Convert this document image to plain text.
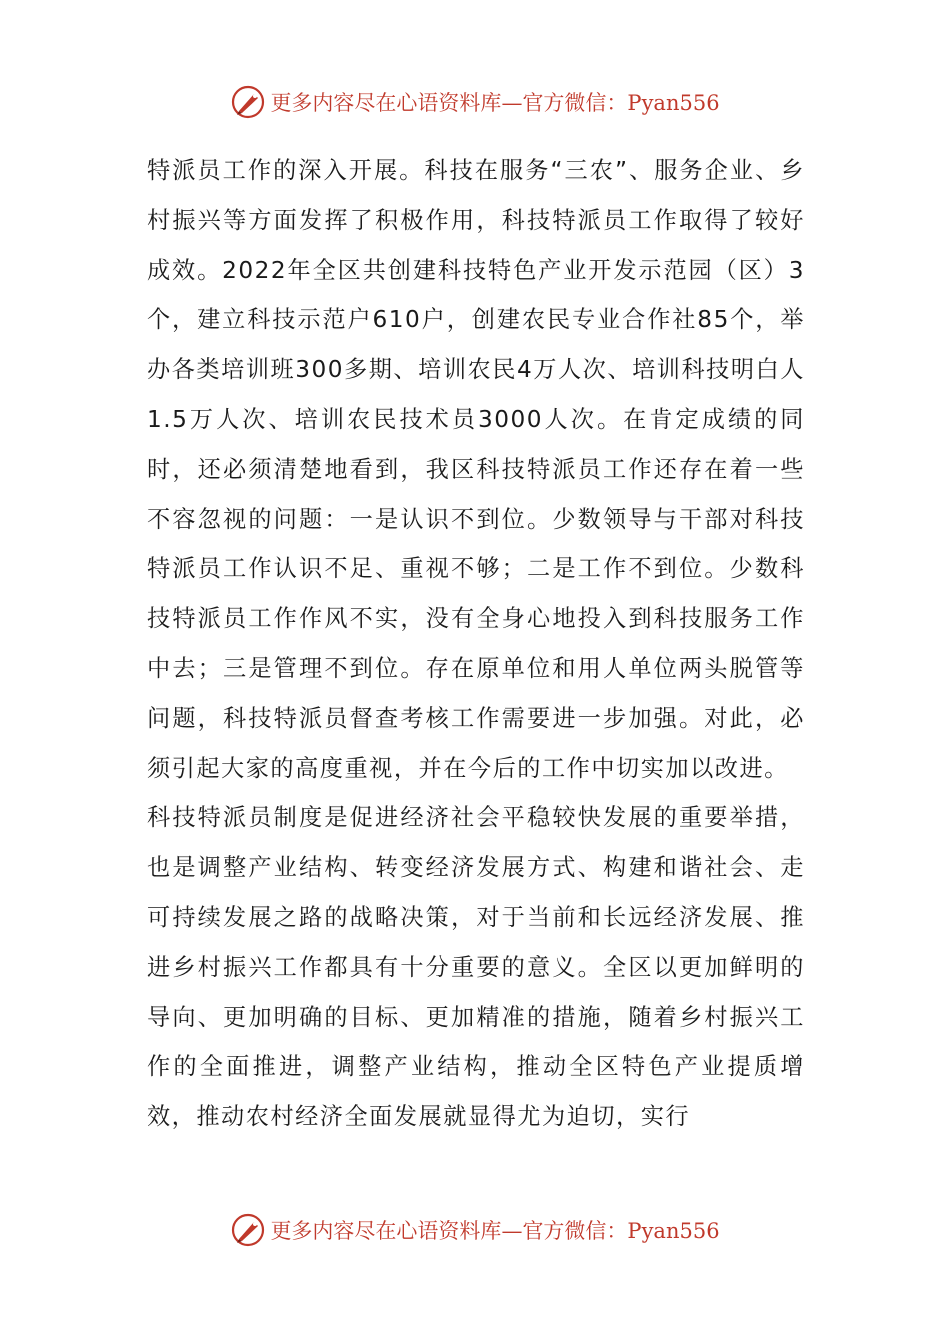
更多内容尽在心语资料库—官方微信：Pyan556

特派员工作的深入开展。科技在服务“三农”、服务企业、乡村振兴等方面发挥了积极作用，科技特派员工作取得了较好成效。2022年全区共创建科技特色产业开发示范园（区）3个，建立科技示范户610户，创建农民专业合作社85个，举办各类培训班300多期、培训农民4万人次、培训科技明白人1.5万人次、培训农民技术员3000人次。在肯定成绩的同时，还必须清楚地看到，我区科技特派员工作还存在着一些不容忽视的问题：一是认识不到位。少数领导与干部对科技特派员工作认识不足、重视不够；二是工作不到位。少数科技特派员工作作风不实，没有全身心地投入到科技服务工作中去；三是管理不到位。存在原单位和用人单位两头脱管等问题，科技特派员督查考核工作需要进一步加强。对此，必须引起大家的高度重视，并在今后的工作中切实加以改进。

科技特派员制度是促进经济社会平稳较快发展的重要举措，也是调整产业结构、转变经济发展方式、构建和谐社会、走可持续发展之路的战略决策，对于当前和长远经济发展、推进乡村振兴工作都具有十分重要的意义。全区以更加鲜明的导向、更加明确的目标、更加精准的措施，随着乡村振兴工作的全面推进，调整产业结构，推动全区特色产业提质增效，推动农村经济全面发展就显得尤为迫切，实行

更多内容尽在心语资料库—官方微信：Pyan556
